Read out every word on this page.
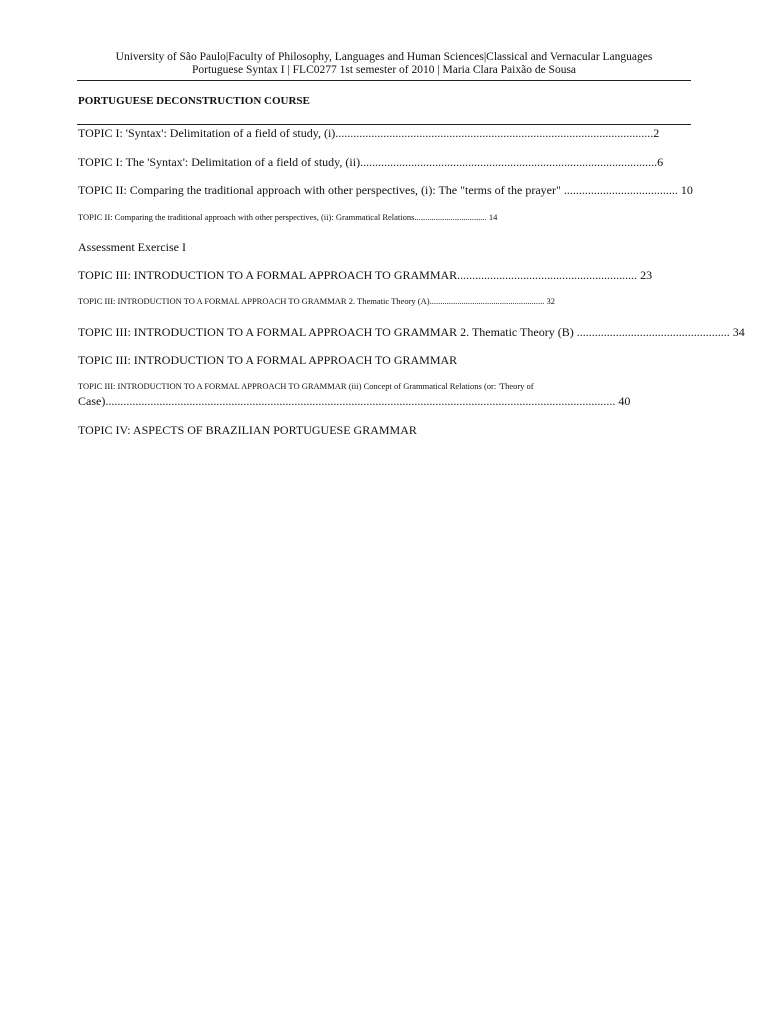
University of São Paulo|Faculty of Philosophy, Languages and Human Sciences|Classical and Vernacular Languages
Portuguese Syntax I | FLC0277 1st semester of 2010 | Maria Clara Paixão de Sousa
PORTUGUESE DECONSTRUCTION COURSE
TOPIC I: 'Syntax': Delimitation of a field of study, (i)..........................................................................................................2
TOPIC I: The 'Syntax': Delimitation of a field of study, (ii)...................................................................................................6
TOPIC II: Comparing the traditional approach with other perspectives, (i): The "terms of the prayer" ...................................... 10
TOPIC II: Comparing the traditional approach with other perspectives, (ii): Grammatical Relations.................................. 14
Assessment Exercise I
TOPIC III: INTRODUCTION TO A FORMAL APPROACH TO GRAMMAR............................................................ 23
TOPIC III: INTRODUCTION TO A FORMAL APPROACH TO GRAMMAR 2. Thematic Theory (A)...................................................... 32
TOPIC III: INTRODUCTION TO A FORMAL APPROACH TO GRAMMAR 2. Thematic Theory (B) ................................................... 34
TOPIC III: INTRODUCTION TO A FORMAL APPROACH TO GRAMMAR
TOPIC III: INTRODUCTION TO A FORMAL APPROACH TO GRAMMAR (iii) Concept of Grammatical Relations (or: 'Theory of
Case).......................................................................................................................................................................... 40
TOPIC IV: ASPECTS OF BRAZILIAN PORTUGUESE GRAMMAR
